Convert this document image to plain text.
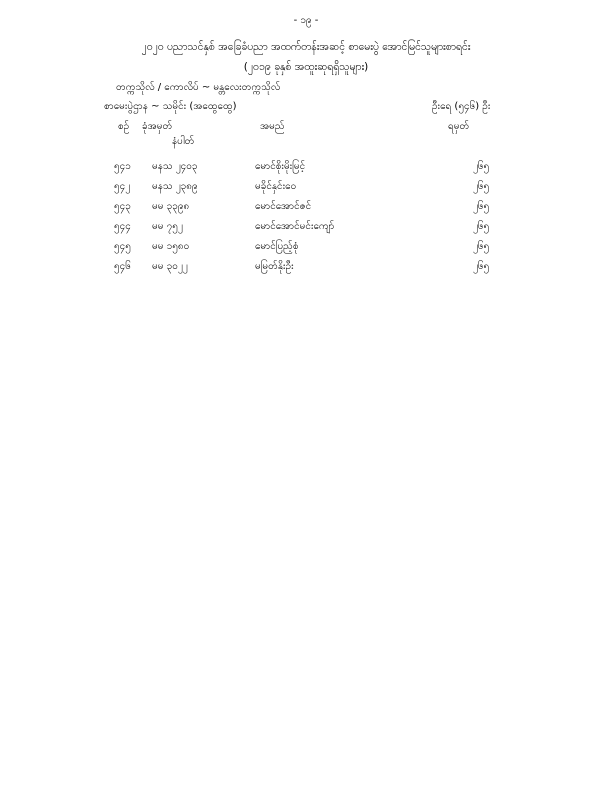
- ၁၉ -
၂၀၂၀ ပညာသင်နှစ် အခြေခံပညာ အထက်တန်းအဆင့် စာမေးပွဲ အောင်မြင်သူများစာရင်း
(၂၀၁၉ ခုနှစ် အထူးဆုရရှိသူများ)
တက္ကသိုလ် / ကောလိပ် ~ မန္တလေးတက္ကသိုလ်
စာမေးပွဲဌာန ~ သမိုင်း (အထွေထွေ)	ဦးရေ (၅၄၆) ဦး
စဉ် ခုံအမှတ်
နံပါတ်
အမည်	ရမှတ်
၅၄၁ မနသ ၂၄၀၃	မောင်စိုးမိုးမြင့်	၂၆၅
၅၄၂ မနသ ၂၃၈၉	မခိုင်နှင်းဝေ	၂၆၅
၅၄၃ မမ ၃၃၉၈	မောင်အောင်ဇင်	၂၆၅
၅၄၄ မမ ၇၅၂	မောင်အောင်မင်းကျော်	၂၆၅
၅၄၅ မမ ၁၅၈၀	မောင်ပြည့်စုံ	၂၆၅
၅၄၆ မမ ၃၀၂၂	မမြတ်နိုးဦး	၂၆၅
